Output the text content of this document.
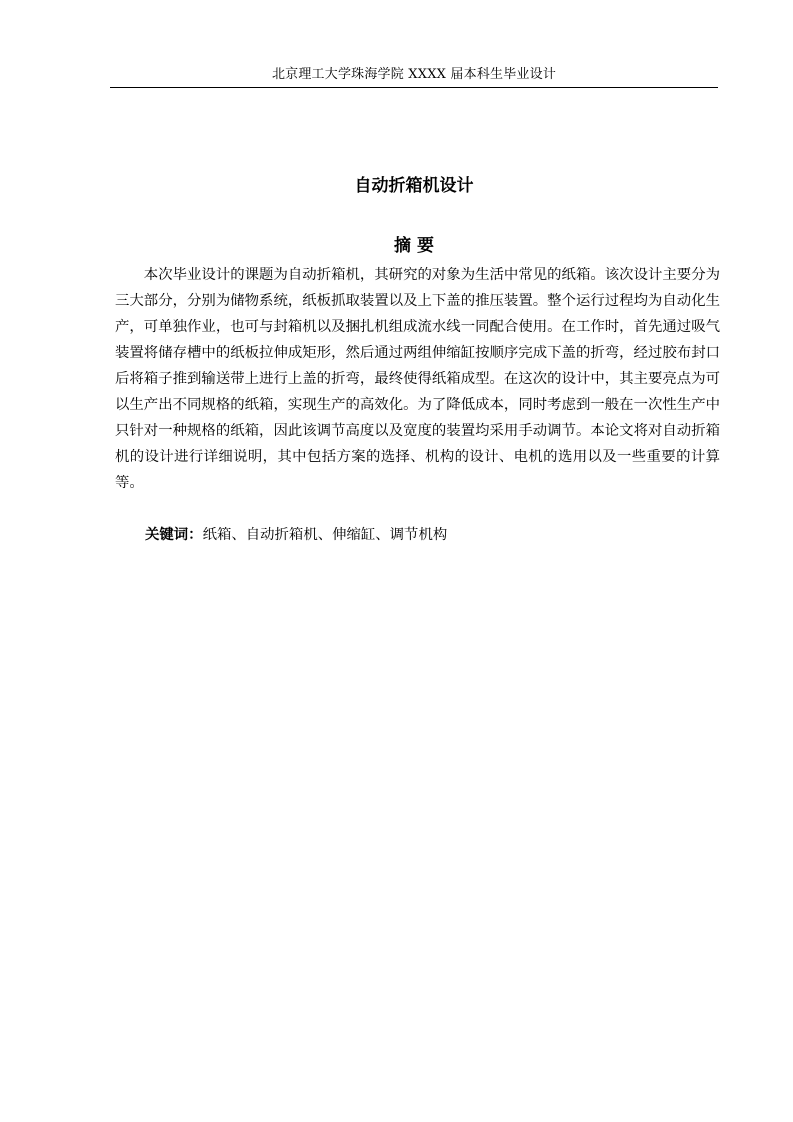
北京理工大学珠海学院 XXXX 届本科生毕业设计
自动折箱机设计
摘 要

本次毕业设计的课题为自动折箱机，其研究的对象为生活中常见的纸箱。该次设计主要分为三大部分，分别为储物系统，纸板抓取装置以及上下盖的推压装置。整个运行过程均为自动化生产，可单独作业，也可与封箱机以及捆扎机组成流水线一同配合使用。在工作时，首先通过吸气装置将储存槽中的纸板拉伸成矩形，然后通过两组伸缩缸按顺序完成下盖的折弯，经过胶布封口后将箱子推到输送带上进行上盖的折弯，最终使得纸箱成型。在这次的设计中，其主要亮点为可以生产出不同规格的纸箱，实现生产的高效化。为了降低成本，同时考虑到一般在一次性生产中只针对一种规格的纸箱，因此该调节高度以及宽度的装置均采用手动调节。本论文将对自动折箱机的设计进行详细说明，其中包括方案的选择、机构的设计、电机的选用以及一些重要的计算等。

关键词：纸箱、自动折箱机、伸缩缸、调节机构
